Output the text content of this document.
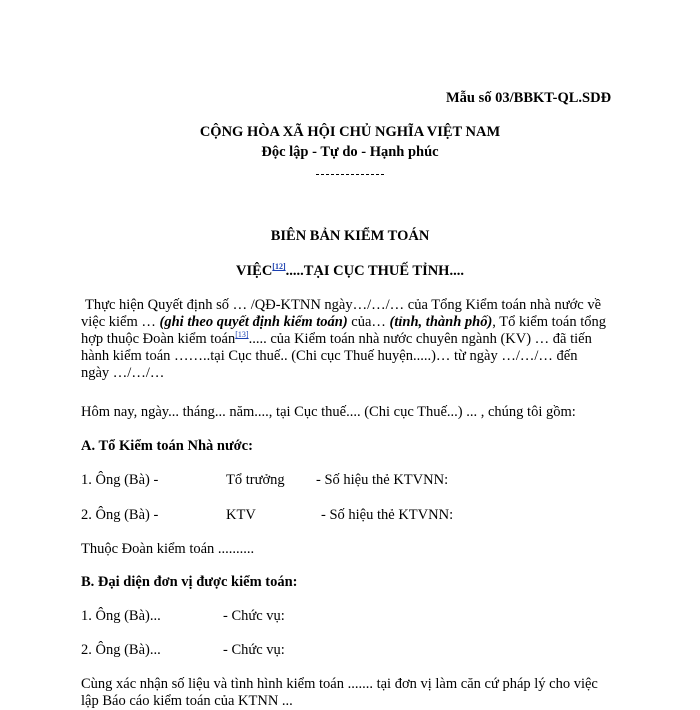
Mẫu số 03/BBKT-QL.SDĐ
CỘNG HÒA XÃ HỘI CHỦ NGHĨA VIỆT NAM
Độc lập - Tự do - Hạnh phúc
BIÊN BẢN KIỂM TOÁN
VIỆC[12].....TẠI CỤC THUẾ TỈNH....
Thực hiện Quyết định số … /QĐ-KTNN ngày…/…/… của Tổng Kiểm toán nhà nước về
việc kiểm … (ghi theo quyết định kiểm toán) của… (tỉnh, thành phố), Tổ kiểm toán tổng
hợp thuộc Đoàn kiểm toán[13]..... của Kiểm toán nhà nước chuyên ngành (KV) … đã tiến
hành kiểm toán ……..tại Cục thuế.. (Chi cục Thuế huyện.....)… từ ngày …/…/… đến
ngày …/…/…
Hôm nay, ngày... tháng... năm...., tại Cục thuế.... (Chi cục Thuế...) ... , chúng tôi gồm:
A. Tổ Kiểm toán Nhà nước:
1. Ông (Bà) -	Tổ trưởng - Số hiệu thẻ KTVNN:
2. Ông (Bà) -	KTV	- Số hiệu thẻ KTVNN:
Thuộc Đoàn kiểm toán ..........
B. Đại diện đơn vị được kiểm toán:
1. Ông (Bà)...	- Chức vụ:
2. Ông (Bà)...	- Chức vụ:
Cùng xác nhận số liệu và tình hình kiểm toán ....... tại đơn vị làm căn cứ pháp lý cho việc
lập Báo cáo kiểm toán của KTNN ...
